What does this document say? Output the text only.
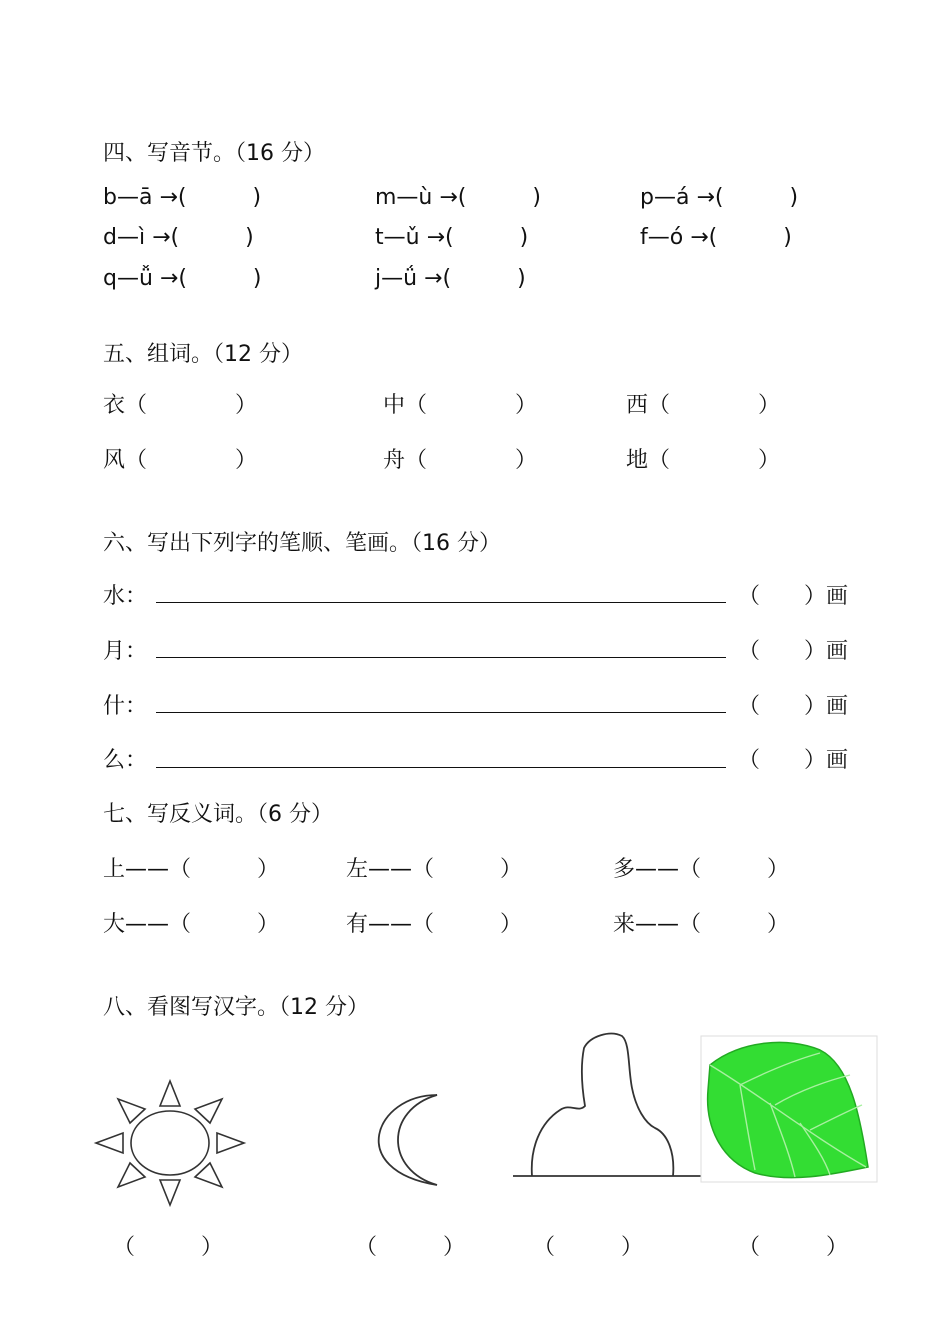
四、写音节。（16 分）
b—ā →(　　　)	m—ù →(　　　)	p—á →(　　　)
d—ì →(　　　)	t—ǔ →(　　　)	f—ó →(　　　)
q—ǚ →(　　　)	j—ǘ →(　　　)
五、组词。（12 分）
衣（　　　　）	中（　　　　）	西（　　　　）
风（　　　　）	舟（　　　　）	地（　　　　）
六、写出下列字的笔顺、笔画。（16 分）
水：	（　　）画
月：	（　　）画
什：	（　　）画
么：	（　　）画
七、写反义词。（6 分）
上——（　　　）	左——（　　　）	多——（　　　）
大——（　　　）	有——（　　　）	来——（　　　）
八、看图写汉字。（12 分）
（　　　）	（　　　）	（　　　）	（　　　）
